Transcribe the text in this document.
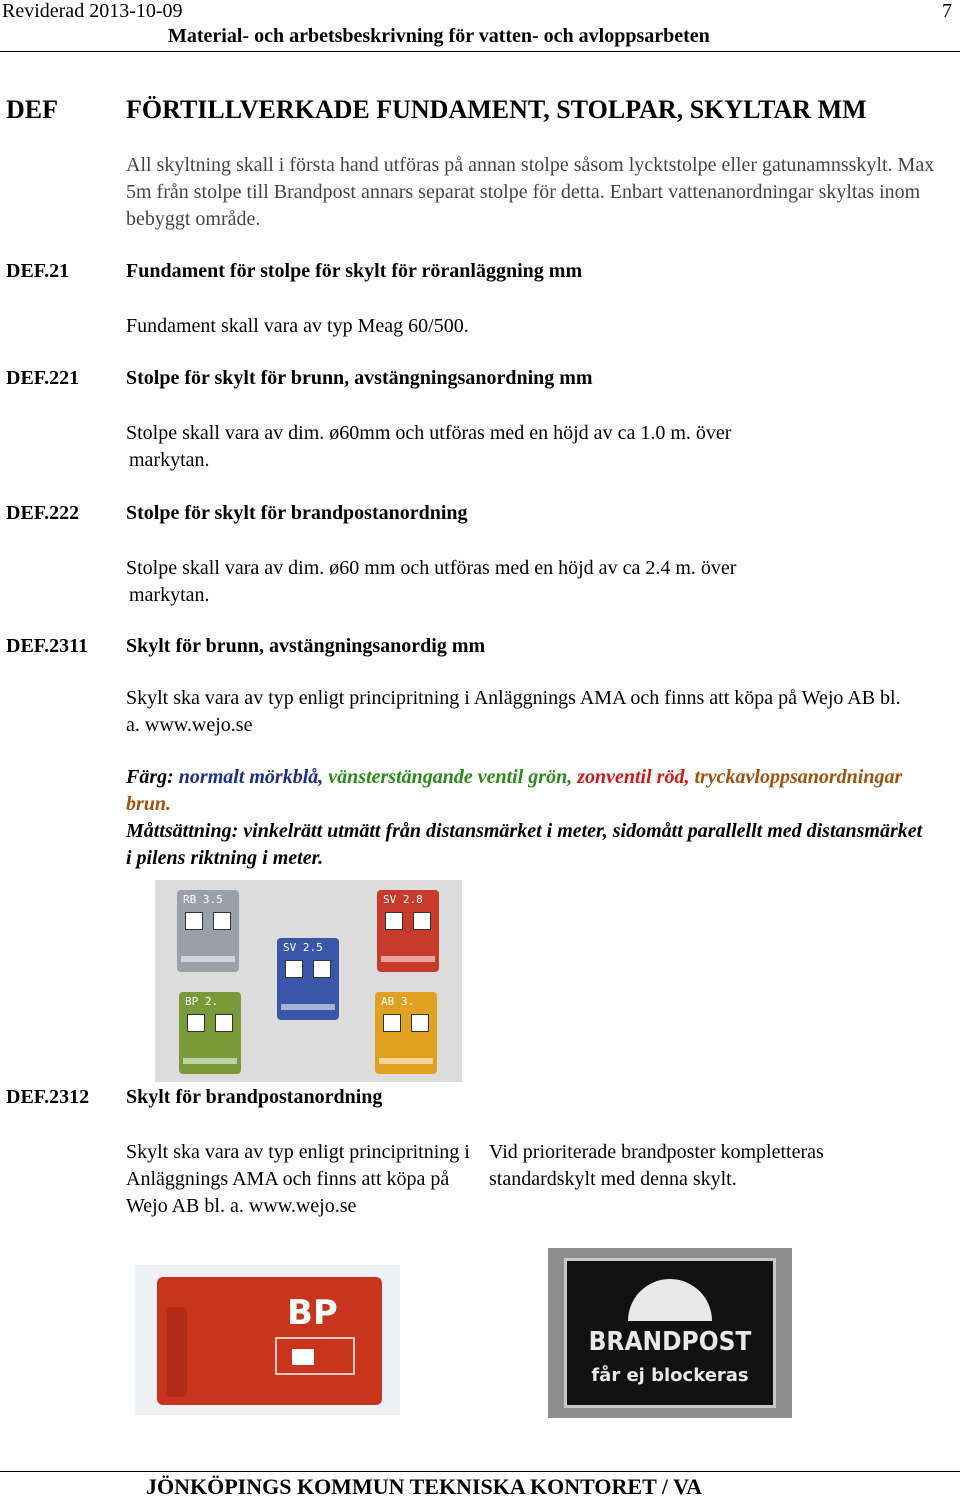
Reviderad 2013-10-09	7
Material- och arbetsbeskrivning för vatten- och avloppsarbeten
DEF	FÖRTILLVERKADE FUNDAMENT, STOLPAR, SKYLTAR MM
All skyltning skall i första hand utföras på annan stolpe såsom lycktstolpe eller gatunamnsskylt. Max 5m från stolpe till Brandpost annars separat stolpe för detta. Enbart vattenanordningar skyltas inom bebyggt område.
DEF.21	Fundament för stolpe för skylt för röranläggning mm
Fundament skall vara av typ Meag 60/500.
DEF.221 Stolpe för skylt för brunn, avstängningsanordning mm
Stolpe skall vara av dim. ø60mm och utföras med en höjd av ca 1.0 m. över
markytan.
DEF.222 Stolpe för skylt för brandpostanordning
Stolpe skall vara av dim. ø60 mm och utföras med en höjd av ca 2.4 m. över
markytan.
DEF.2311 Skylt för brunn, avstängningsanordig mm
Skylt ska vara av typ enligt principritning i Anläggnings AMA och finns att köpa på Wejo AB bl. a. www.wejo.se
Färg: normalt mörkblå, vänsterstängande ventil grön, zonventil röd, tryckavloppsanordningar brun.
Måttsättning: vinkelrätt utmätt från distansmärket i meter, sidomått parallellt med distansmärket i pilens riktning i meter.
RB 3.5	SV 2.8
SV 2.5
BP 2.	AB 3.
DEF.2312 Skylt för brandpostanordning
Skylt ska vara av typ enligt principritning i Anläggnings AMA och finns att köpa på Wejo AB bl. a. www.wejo.se
Vid prioriterade brandposter kompletteras standardskylt med denna skylt.
BP
BRANDPOST
får ej blockeras
JÖNKÖPINGS KOMMUN TEKNISKA KONTORET / VA
